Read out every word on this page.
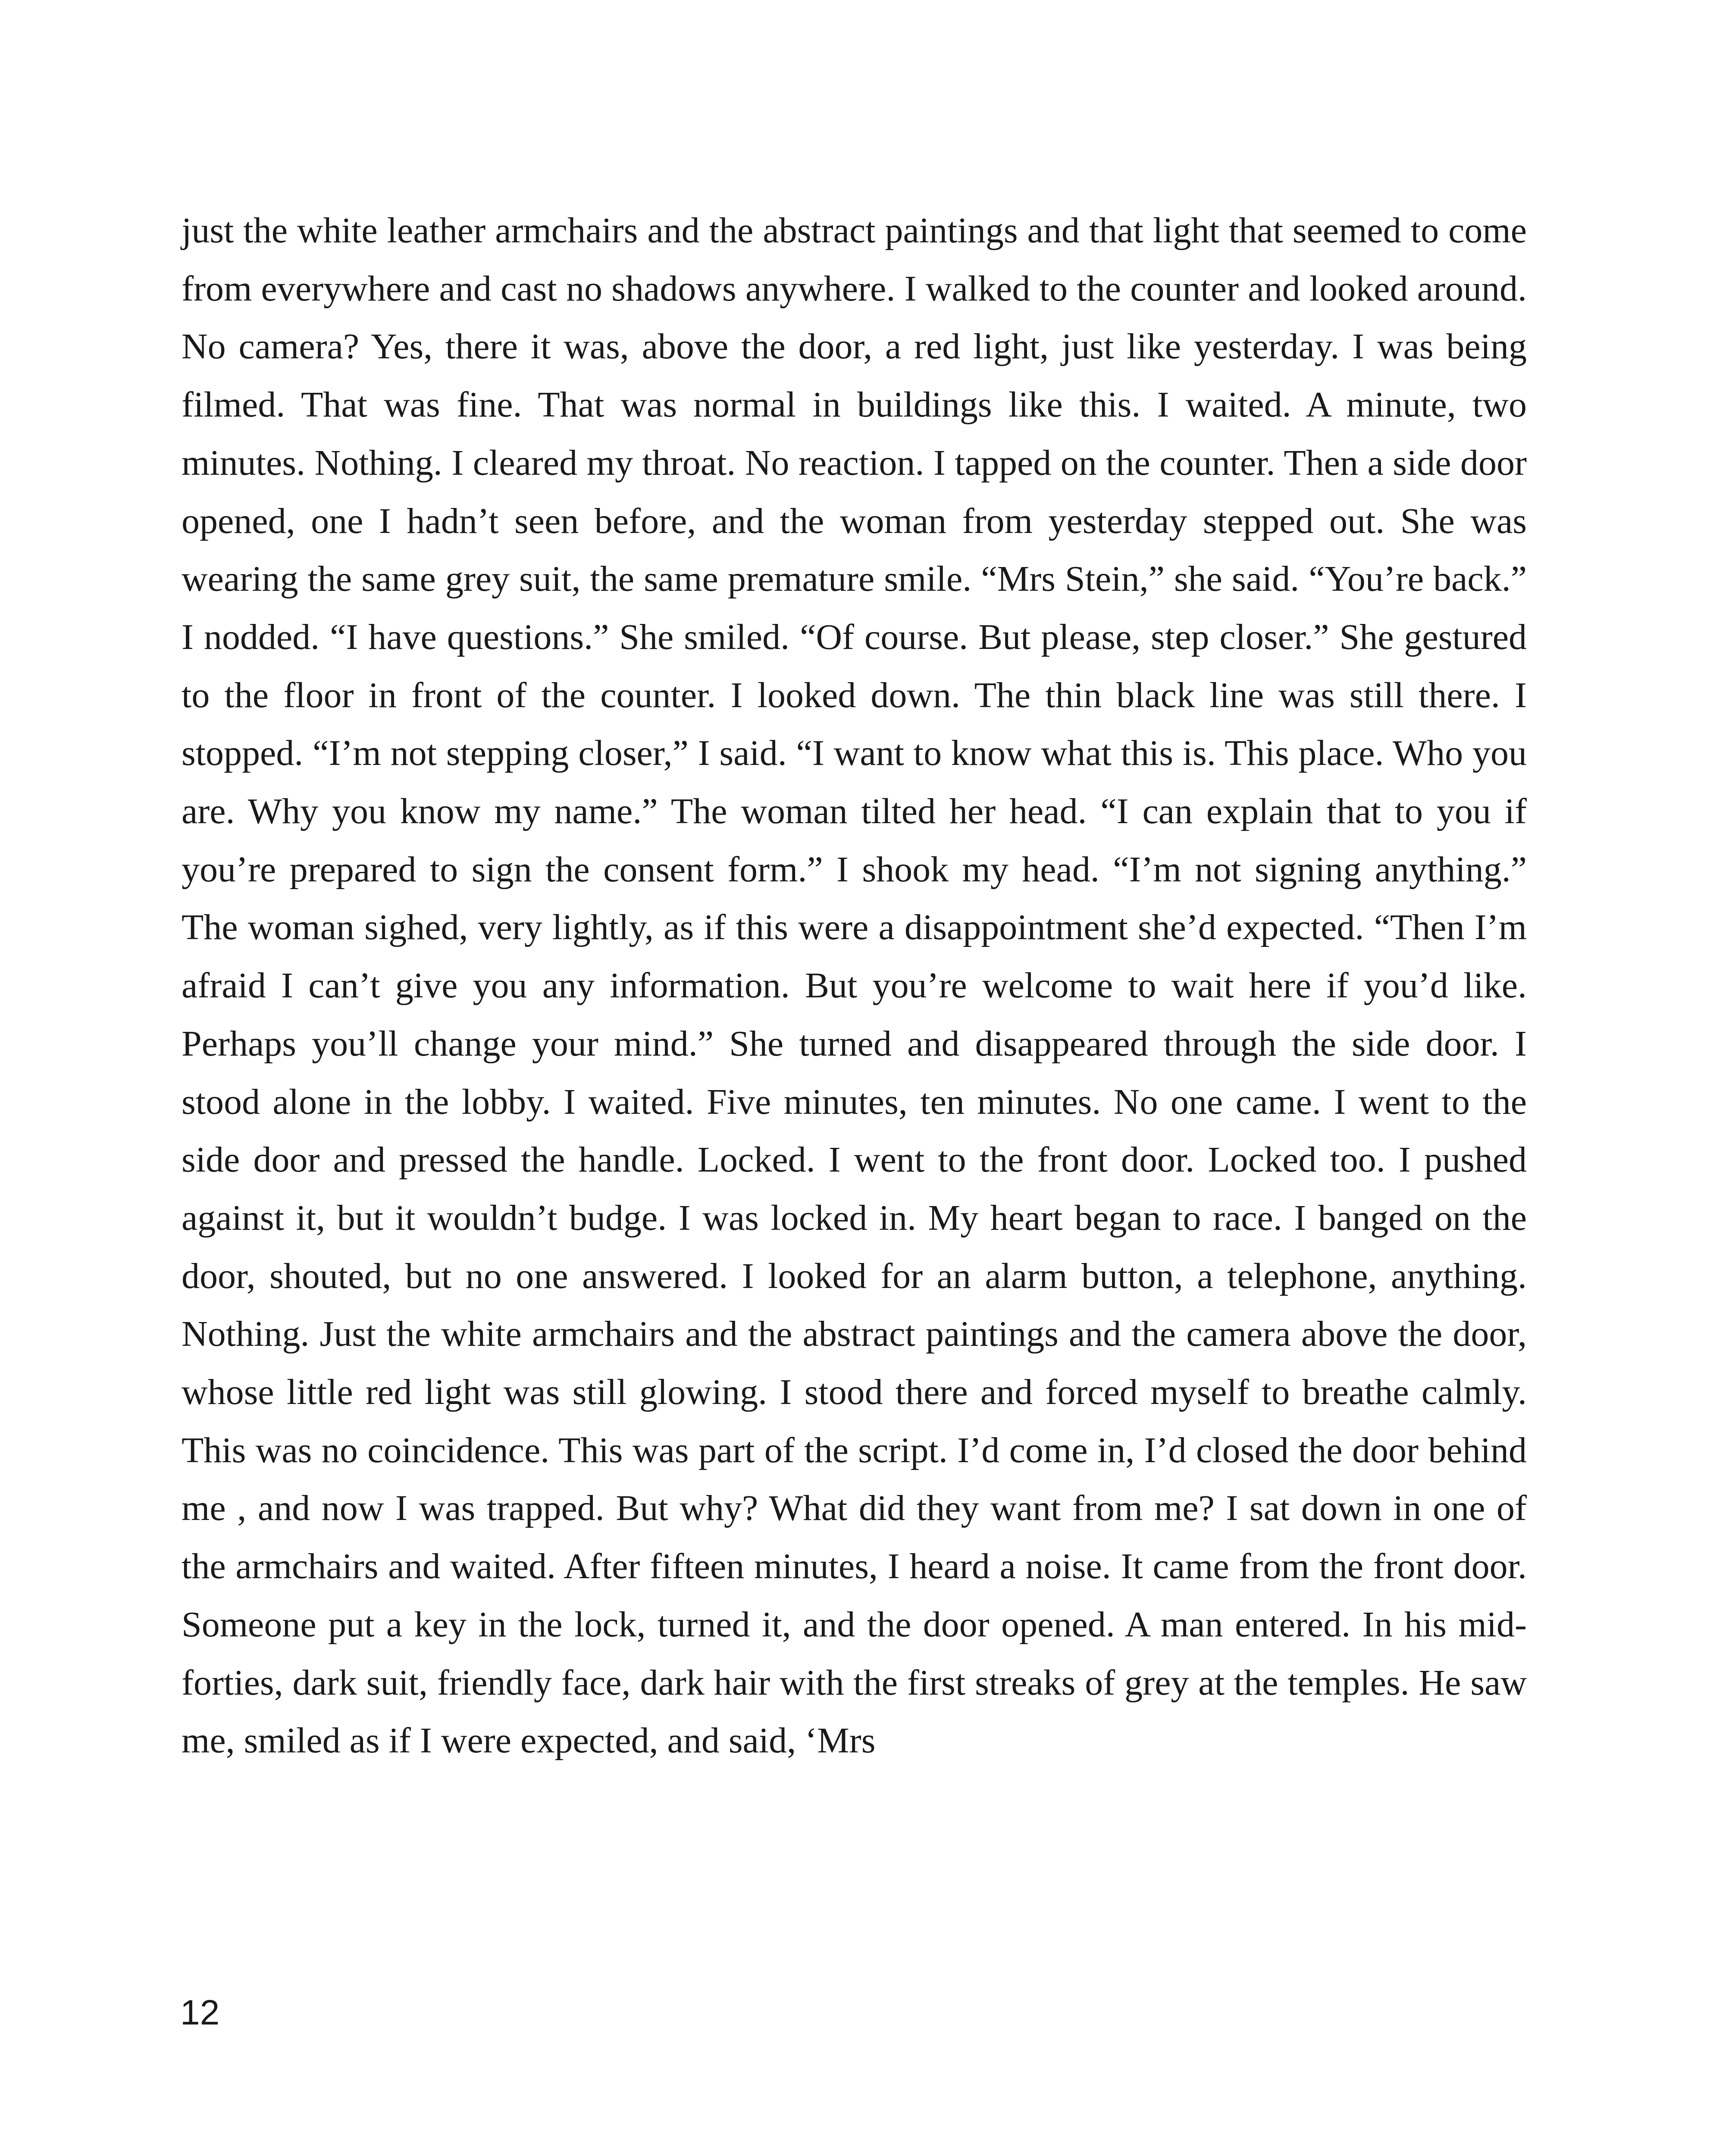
just the white leather armchairs and the abstract paintings and that light that seemed to come from everywhere and cast no shadows anywhere. I walked to the counter and looked around. No camera? Yes, there it was, above the door, a red light, just like yesterday. I was being filmed. That was fine. That was normal in buildings like this. I waited. A minute, two minutes. Nothing. I cleared my throat. No reaction. I tapped on the counter. Then a side door opened, one I hadn’t seen before, and the woman from yesterday stepped out. She was wearing the same grey suit, the same premature smile. “Mrs Stein,” she said. “You’re back.” I nodded. “I have questions.” She smiled. “Of course. But please, step closer.” She gestured to the floor in front of the counter. I looked down. The thin black line was still there. I stopped. “I’m not stepping closer,” I said. “I want to know what this is. This place. Who you are. Why you know my name.” The woman tilted her head. “I can explain that to you if you’re prepared to sign the consent form.” I shook my head. “I’m not signing anything.” The woman sighed, very lightly, as if this were a disappointment she’d expected. “Then I’m afraid I can’t give you any information. But you’re welcome to wait here if you’d like. Perhaps you’ll change your mind.” She turned and disappeared through the side door. I stood alone in the lobby. I waited. Five minutes, ten minutes. No one came. I went to the side door and pressed the handle. Locked. I went to the front door. Locked too. I pushed against it, but it wouldn’t budge. I was locked in. My heart began to race. I banged on the door, shouted, but no one answered. I looked for an alarm button, a telephone, anything. Nothing. Just the white armchairs and the abstract paintings and the camera above the door, whose little red light was still glowing. I stood there and forced myself to breathe calmly. This was no coincidence. This was part of the script. I’d come in, I’d closed the door behind me , and now I was trapped. But why? What did they want from me? I sat down in one of the armchairs and waited. After fifteen minutes, I heard a noise. It came from the front door. Someone put a key in the lock, turned it, and the door opened. A man entered. In his mid-forties, dark suit, friendly face, dark hair with the first streaks of grey at the temples. He saw me, smiled as if I were expected, and said, ‘Mrs

12
